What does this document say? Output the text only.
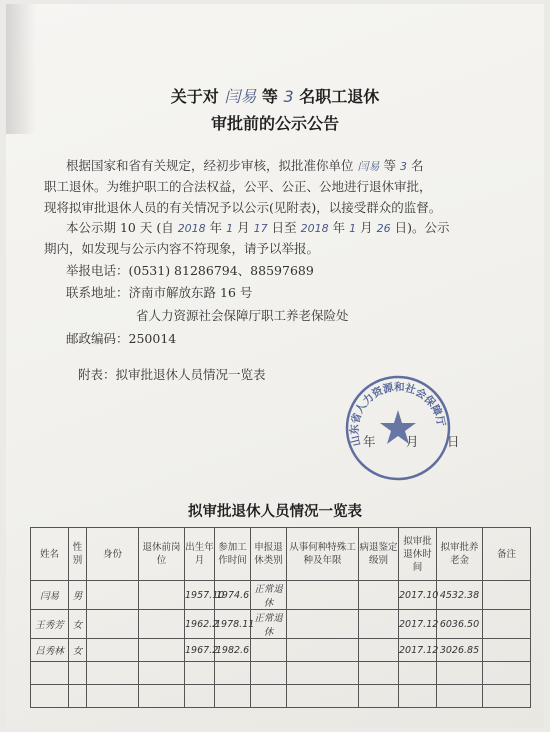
关于对 闫易 等 3 名职工退休
审批前的公示公告
根据国家和省有关规定，经初步审核，拟批准你单位 闫易 等 3 名
职工退休。为维护职工的合法权益，公平、公正、公地进行退休审批，
现将拟审批退休人员的有关情况予以公示(见附表)，以接受群众的监督。
本公示期 10 天 (自 2018 年 1 月 17 日至 2018 年 1 月 26 日)。公示
期内，如发现与公示内容不符现象，请予以举报。
举报电话：(0531) 81286794、88597689
联系地址：济南市解放东路 16 号
省人力资源社会保障厅职工养老保险处
邮政编码：250014
附表：拟审批退休人员情况一览表
山东省人力资源和社会保障厅
年 月 日
拟审批退休人员情况一览表
姓名	性别	身份	退休前岗位	出生年月	参加工作时间	申报退休类别	从事何种特殊工种及年限	病退鉴定级别	拟审批退休时间	拟审批养老金	备注
闫易	男			1957.10	1974.6	正常退休			2017.10	4532.38	
王秀芳	女			1962.2	1978.11	正常退休			2017.12	6036.50	
吕秀林	女			1967.2	1982.6				2017.12	3026.85	
